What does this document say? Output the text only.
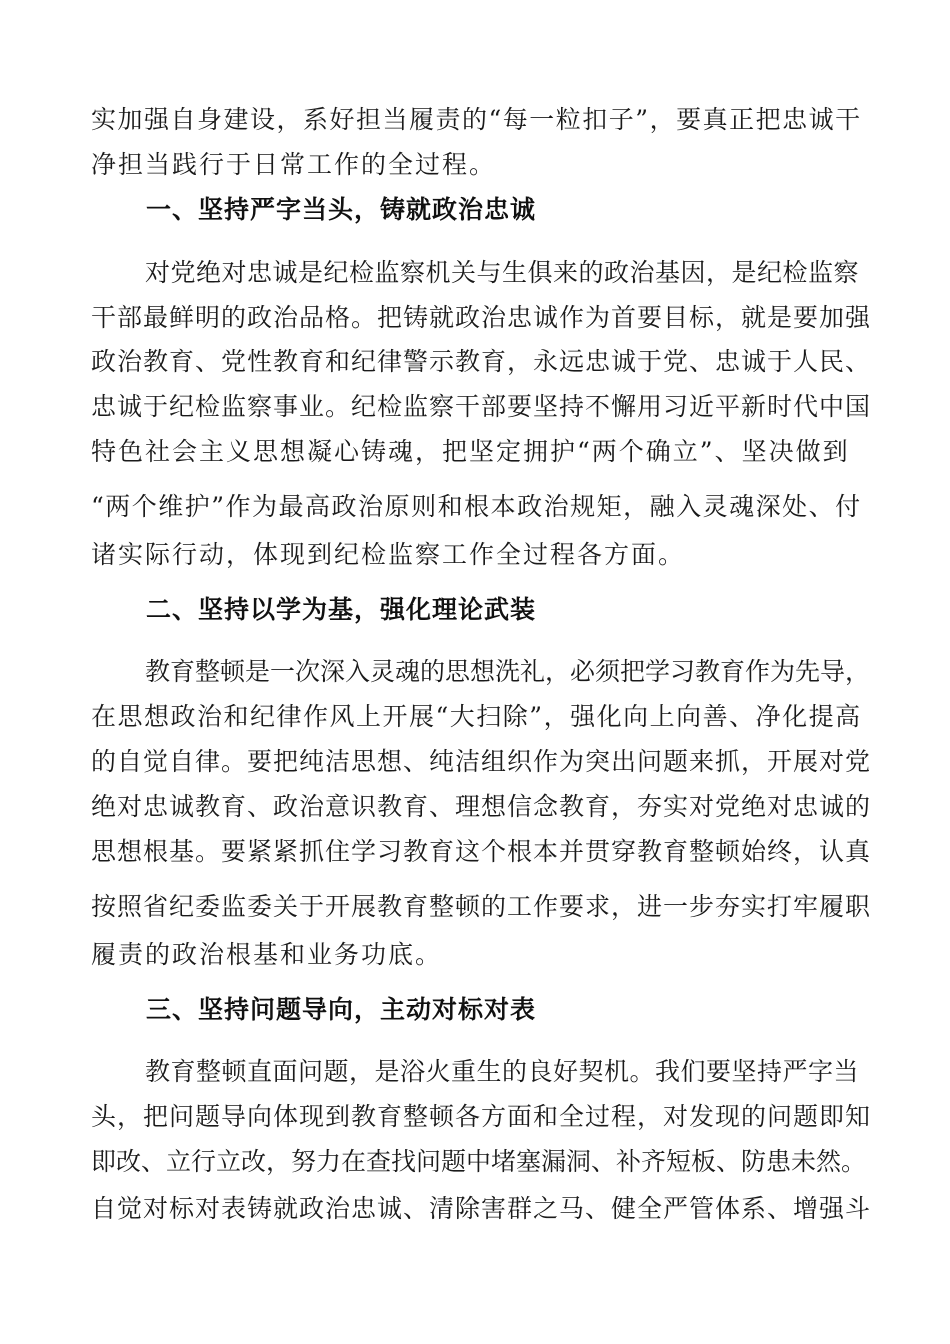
实加强自身建设，系好担当履责的“每一粒扣子”，要真正把忠诚干
净担当践行于日常工作的全过程。
一、坚持严字当头，铸就政治忠诚
对党绝对忠诚是纪检监察机关与生俱来的政治基因，是纪检监察
干部最鲜明的政治品格。把铸就政治忠诚作为首要目标，就是要加强
政治教育、党性教育和纪律警示教育，永远忠诚于党、忠诚于人民、
忠诚于纪检监察事业。纪检监察干部要坚持不懈用习近平新时代中国
特色社会主义思想凝心铸魂，把坚定拥护“两个确立”、坚决做到
“两个维护”作为最高政治原则和根本政治规矩，融入灵魂深处、付
诸实际行动，体现到纪检监察工作全过程各方面。
二、坚持以学为基，强化理论武装
教育整顿是一次深入灵魂的思想洗礼，必须把学习教育作为先导，
在思想政治和纪律作风上开展“大扫除”，强化向上向善、净化提高
的自觉自律。要把纯洁思想、纯洁组织作为突出问题来抓，开展对党
绝对忠诚教育、政治意识教育、理想信念教育，夯实对党绝对忠诚的
思想根基。要紧紧抓住学习教育这个根本并贯穿教育整顿始终，认真
按照省纪委监委关于开展教育整顿的工作要求，进一步夯实打牢履职
履责的政治根基和业务功底。
三、坚持问题导向，主动对标对表
教育整顿直面问题，是浴火重生的良好契机。我们要坚持严字当
头，把问题导向体现到教育整顿各方面和全过程，对发现的问题即知
即改、立行立改，努力在查找问题中堵塞漏洞、补齐短板、防患未然。
自觉对标对表铸就政治忠诚、清除害群之马、健全严管体系、增强斗
